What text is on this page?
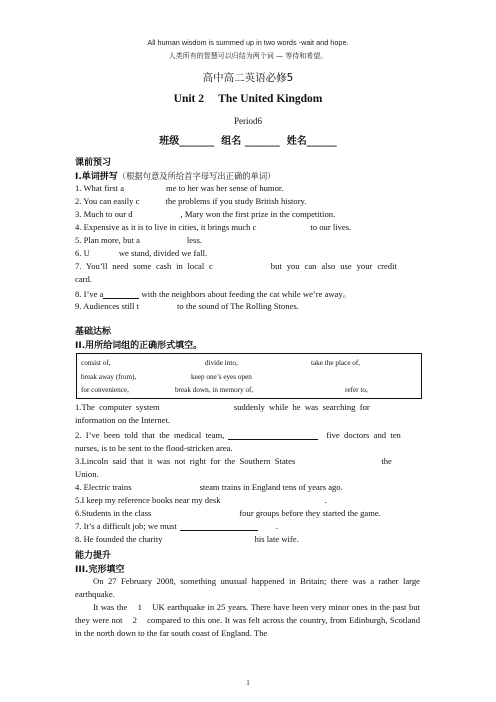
All human wisdom is summed up in two words -wait and hope.
人类所有的智慧可以归结为两个词 — 等待和希望。
高中高二英语必修5
Unit 2     The United Kingdom
Period6
班级_______  组名 _______  姓名______
课前预习
I.单词拼写（根据句意及所给首字母写出正确的单词）
1. What first a	me to her was her sense of humor.
2. You can easily c	the problems if you study British history.
3. Much to our d	, Mary won the first prize in the competition.
4. Expensive as it is to live in cities, it brings much c	to our lives.
5. Plan more, but a	less.
6. U	we stand, divided we fall.
7. You’ll need some cash in local c	but you can also use your credit
card.
8. I’ve a	with the neighbors about feeding the cat while we’re away。
9. Audiences still t	to the sound of The Rolling Stones.
基础达标
II.用所给词组的正确形式填空。
consist of,	divide into,	take the place of,
break away (from),	keep one’s eyes open
for convenience,	break down, in memory of,	refer to,
1.The  computer  system	suddenly  while  he  was  searching  for
information on the Internet.
2.  I’ve  been  told  that  the  medical  team,	five  doctors  and  ten
nurses, is to be sent to the flood-stricken area.
3.Lincoln  said  that  it  was  not  right  for  the  Southern  States	the
Union.
4. Electric trains	steam trains in England tens of years ago.
5.I keep my reference books near my desk	.
6.Students in the class	four groups before they started the game.
7. It’s a difficult job; we must	.
8. He founded the charity	his late wife.
能力提升
III.完形填空
On 27 February 2008, something unusual happened in Britain; there was a rather large earthquake.
It was the    1    UK earthquake in 25 years. There have been very minor ones in the past but they were not    2    compared to this one. It was felt across the country, from Edinburgh, Scotland in the north down to the far south coast of England. The
1
